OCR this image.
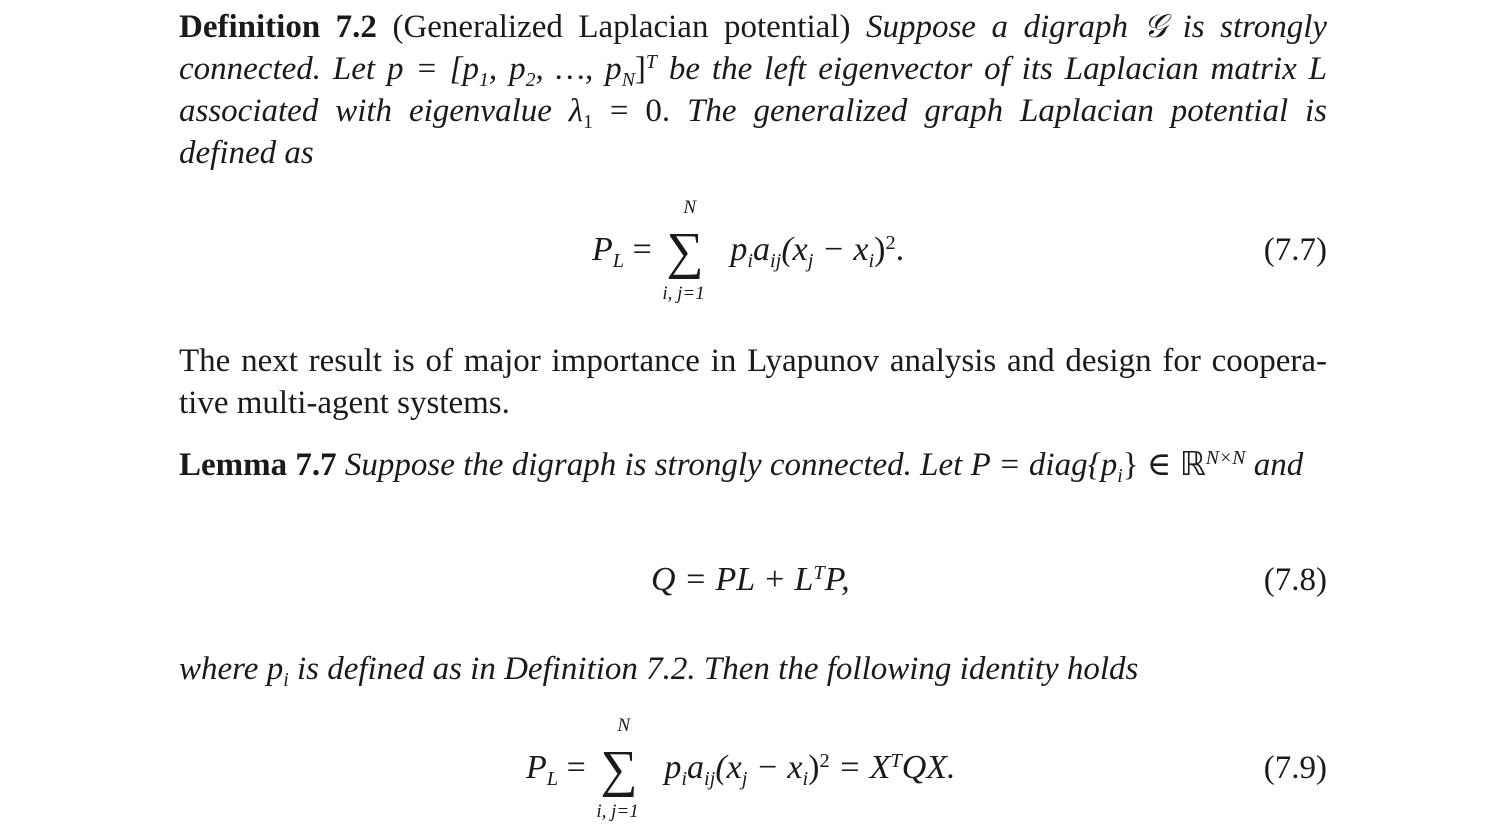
Definition 7.2 (Generalized Laplacian potential) Suppose a digraph 𝒢 is strongly connected. Let $p = [p_1$, $p_2$, …, $p_N]^T$ be the left eigenvector of its Laplacian matrix L associated with eigenvalue $\lambda_1 = 0$. The generalized graph Laplacian potential is defined as
$P_L$ =
N
∑
i, j=1
$p_ia_{ij}(x_j - x_i)^2$.	(7.7)
The next result is of major importance in Lyapunov analysis and design for coopera-tive multi-agent systems.
Lemma 7.7 Suppose the digraph is strongly connected. Let $P = diag\{p_i\}$ ∈ ℝ$^{N\times N}$ and
Q = PL + $L^TP$,	(7.8)
where $p_i$ is defined as in Definition 7.2. Then the following identity holds
$P_L$ =
N
∑
i, j=1
$p_ia_{ij}(x_j - x_i)^2 = X^TQX$.	(7.9)
